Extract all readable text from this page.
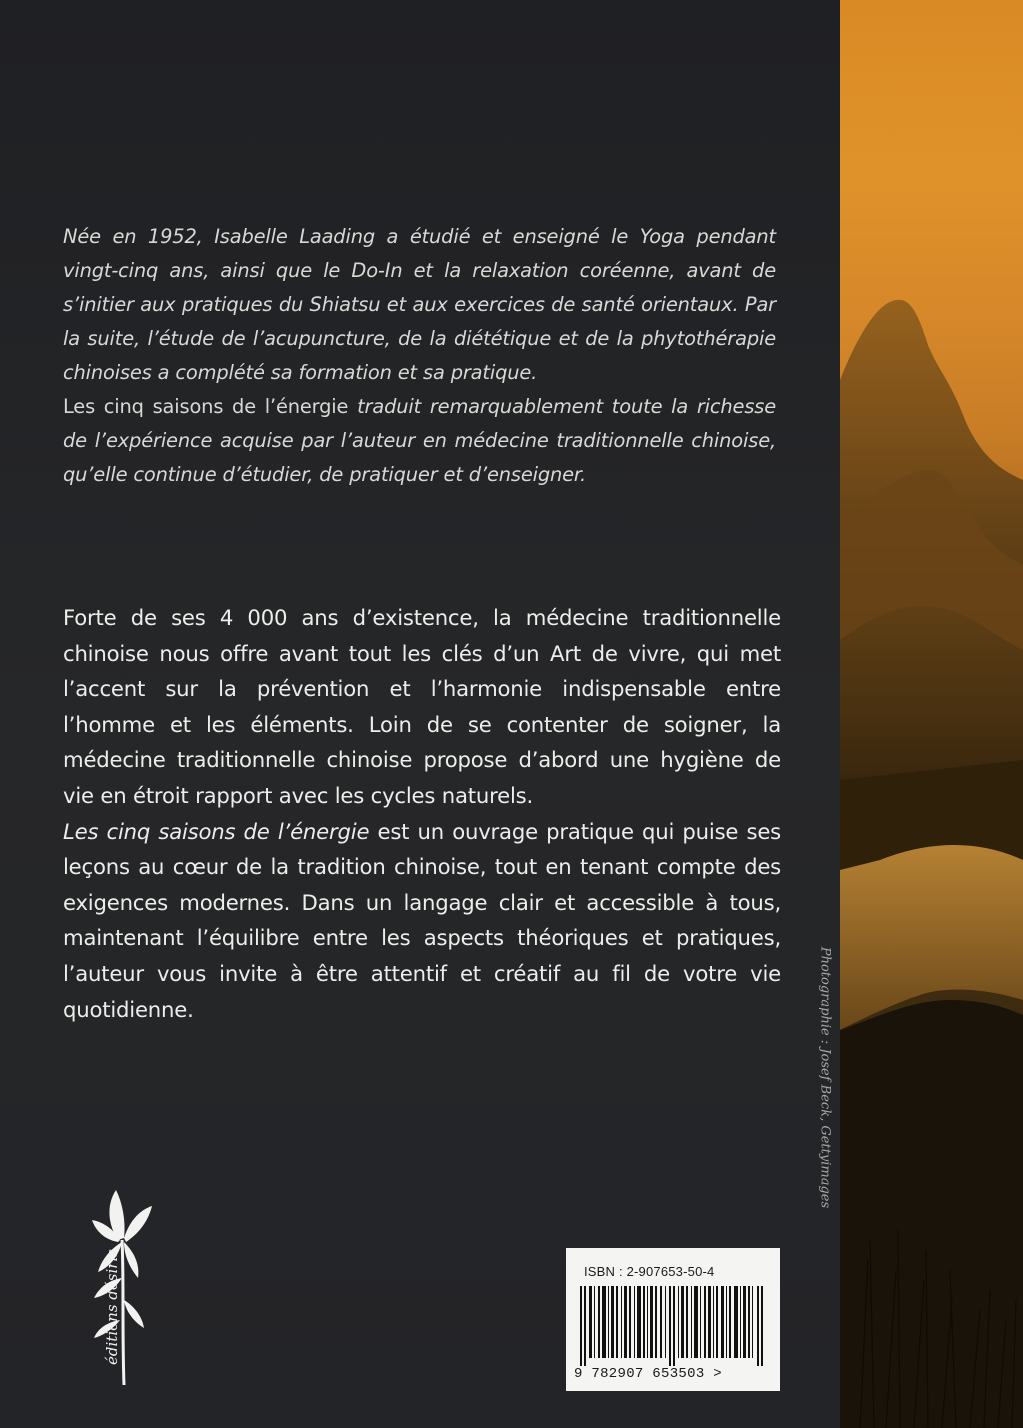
Née en 1952, Isabelle Laading a étudié et enseigné le Yoga pendant vingt-cinq ans, ainsi que le Do-In et la relaxation coréenne, avant de s’initier aux pratiques du Shiatsu et aux exercices de santé orientaux. Par la suite, l’étude de l’acupuncture, de la diététique et de la phytothérapie chinoises a complété sa formation et sa pratique.

Les cinq saisons de l’énergie traduit remarquablement toute la richesse de l’expérience acquise par l’auteur en médecine traditionnelle chinoise, qu’elle continue d’étudier, de pratiquer et d’enseigner.

Forte de ses 4 000 ans d’existence, la médecine traditionnelle chinoise nous offre avant tout les clés d’un Art de vivre, qui met l’accent sur la prévention et l’harmonie indispensable entre l’homme et les éléments. Loin de se contenter de soigner, la médecine traditionnelle chinoise propose d’abord une hygiène de vie en étroit rapport avec les cycles naturels.

Les cinq saisons de l’énergie est un ouvrage pratique qui puise ses leçons au cœur de la tradition chinoise, tout en tenant compte des exigences modernes. Dans un langage clair et accessible à tous, maintenant l’équilibre entre les aspects théoriques et pratiques, l’auteur vous invite à être attentif et créatif au fil de votre vie quotidienne.	Photographie : Josef Beck, Gettyimages
éditions désiris	ISBN : 2-907653-50-4
9 782907 653503 >
